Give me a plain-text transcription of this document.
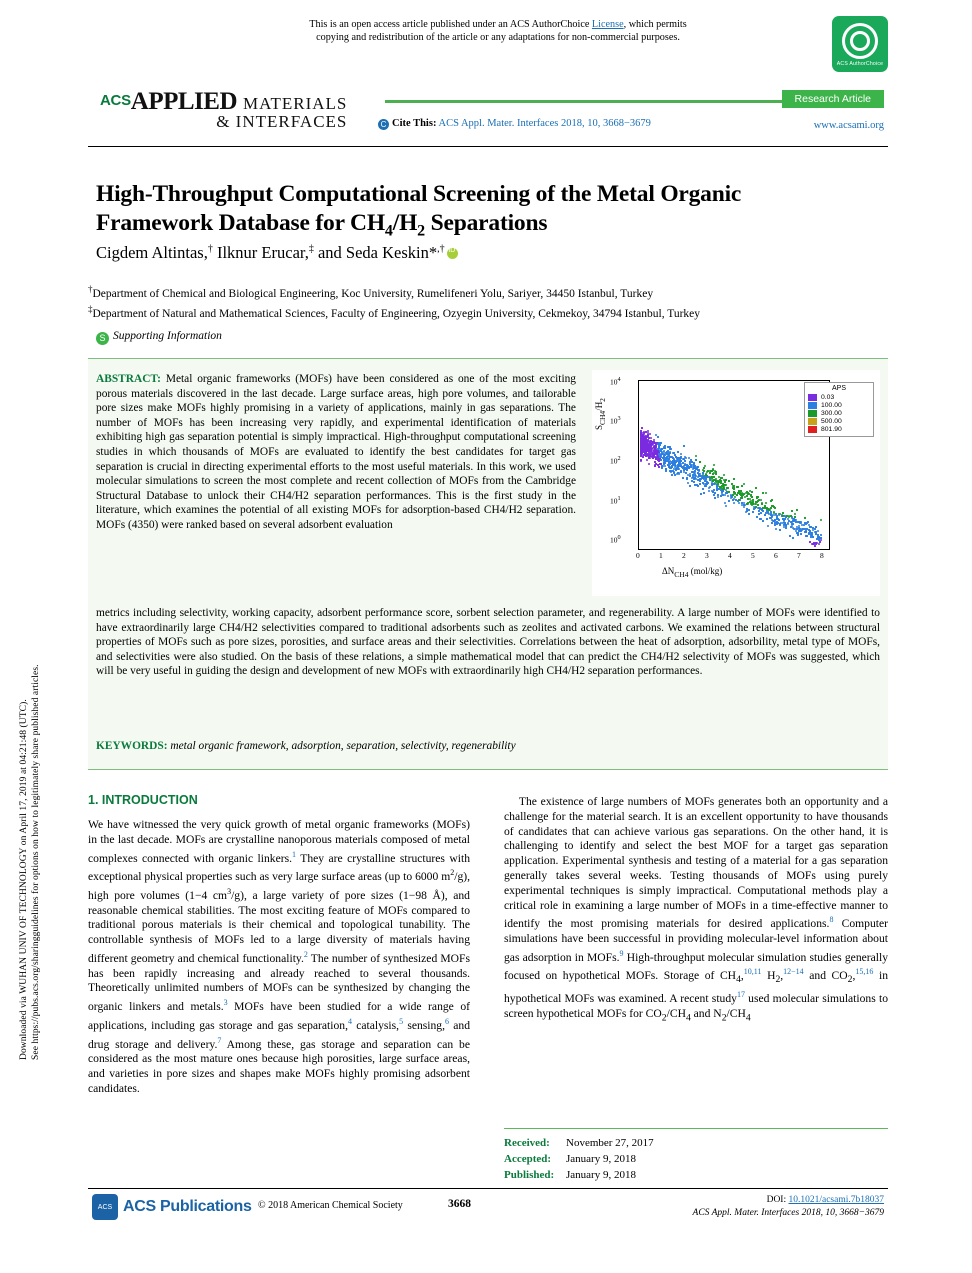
Downloaded via WUHAN UNIV OF TECHNOLOGY on April 17, 2019 at 04:21:48 (UTC). See https://pubs.acs.org/sharingguidelines for options on how to legitimately share published articles.
This is an open access article published under an ACS AuthorChoice License, which permits
copying and redistribution of the article or any adaptations for non-commercial purposes.
ACS AuthorChoice
ACSAPPLIED MATERIALS
& INTERFACES
Research Article
C Cite This: ACS Appl. Mater. Interfaces 2018, 10, 3668−3679	www.acsami.org
High-Throughput Computational Screening of the Metal Organic
Framework Database for $CH_4/H_2$ Separations
Cigdem Altintas,† Ilknur Erucar,‡ and Seda Keskin*,†iD
†Department of Chemical and Biological Engineering, Koc University, Rumelifeneri Yolu, Sariyer, 34450 Istanbul, Turkey
‡Department of Natural and Mathematical Sciences, Faculty of Engineering, Ozyegin University, Cekmekoy, 34794 Istanbul, Turkey
S Supporting Information
ABSTRACT: Metal organic frameworks (MOFs) have been considered as one of the most exciting porous materials discovered in the last decade. Large surface areas, high pore volumes, and tailorable pore sizes make MOFs highly promising in a variety of applications, mainly in gas separations. The number of MOFs has been increasing very rapidly, and experimental identification of materials exhibiting high gas separation potential is simply impractical. High-throughput computational screening studies in which thousands of MOFs are evaluated to identify the best candidates for target gas separation is crucial in directing experimental efforts to the most useful materials. In this work, we used molecular simulations to screen the most complete and recent collection of MOFs from the Cambridge Structural Database to unlock their CH4/H2 separation performances. This is the first study in the literature, which examines the potential of all existing MOFs for adsorption-based CH4/H2 separation. MOFs (4350) were ranked based on several adsorbent evaluation
metrics including selectivity, working capacity, adsorbent performance score, sorbent selection parameter, and regenerability. A large number of MOFs were identified to have extraordinarily large CH4/H2 selectivities compared to traditional adsorbents such as zeolites and activated carbons. We examined the relations between structural properties of MOFs such as pore sizes, porosities, and surface areas and their selectivities. Correlations between the heat of adsorption, adsorbility, metal type of MOFs, and selectivities were also studied. On the basis of these relations, a simple mathematical model that can predict the CH4/H2 selectivity of MOFs was suggested, which will be very useful in guiding the design and development of new MOFs with extraordinarily high CH4/H2 separation performances.
KEYWORDS: metal organic framework, adsorption, separation, selectivity, regenerability
$S_{CH4}/H_2$
$10^4$
$10^3$
$10^2$
$10^1$
$10^0$
0	1	2	3	4	5	6	7	8
$\Delta N_{CH4}$ (mol/kg)
APS
0.03
100.00
300.00
500.00
801.90
1. INTRODUCTION
We have witnessed the very quick growth of metal organic frameworks (MOFs) in the last decade. MOFs are crystalline nanoporous materials composed of metal complexes connected with organic linkers.$^1$ They are crystalline structures with exceptional physical properties such as very large surface areas (up to 6000 $m^2/g$), high pore volumes (1−4 $cm^3/g$), a large variety of pore sizes (1−98 Å), and reasonable chemical stabilities. The most exciting feature of MOFs compared to traditional porous materials is their chemical and topological tunability. The controllable synthesis of MOFs led to a large diversity of materials having different geometry and chemical functionality.$^2$ The number of synthesized MOFs has been rapidly increasing and already reached to several thousands. Theoretically unlimited numbers of MOFs can be synthesized by changing the organic linkers and metals.$^3$ MOFs have been studied for a wide range of applications, including gas storage and gas separation,$^4$ catalysis,$^5$ sensing,$^6$ and drug storage and delivery.$^7$ Among these, gas storage and separation can be considered as the most mature ones because high porosities, large surface areas, and varieties in pore sizes and shapes make MOFs highly promising adsorbent candidates.
The existence of large numbers of MOFs generates both an opportunity and a challenge for the material search. It is an excellent opportunity to have thousands of candidates that can achieve various gas separations. On the other hand, it is challenging to identify and select the best MOF for a target gas separation application. Experimental synthesis and testing of a material for a gas separation generally takes several weeks. Testing thousands of MOFs using purely experimental techniques is simply impractical. Computational methods play a critical role in examining a large number of MOFs in a time-effective manner to identify the most promising materials for desired applications.$^8$ Computer simulations have been successful in providing molecular-level information about gas adsorption in MOFs.$^9$ High-throughput molecular simulation studies generally focused on hypothetical MOFs. Storage of $CH_4,^{10,11}$ $H_2,^{12-14}$ and $CO_2,^{15,16}$ in hypothetical MOFs was examined. A recent study$^{17}$ used molecular simulations to screen hypothetical MOFs for $CO_2/CH_4$ and $N_2/CH_4$
Received: November 27, 2017
Accepted: January 9, 2018
Published: January 9, 2018
ACS ACS Publications © 2018 American Chemical Society	3668	DOI: 10.1021/acsami.7b18037
ACS Appl. Mater. Interfaces 2018, 10, 3668−3679
